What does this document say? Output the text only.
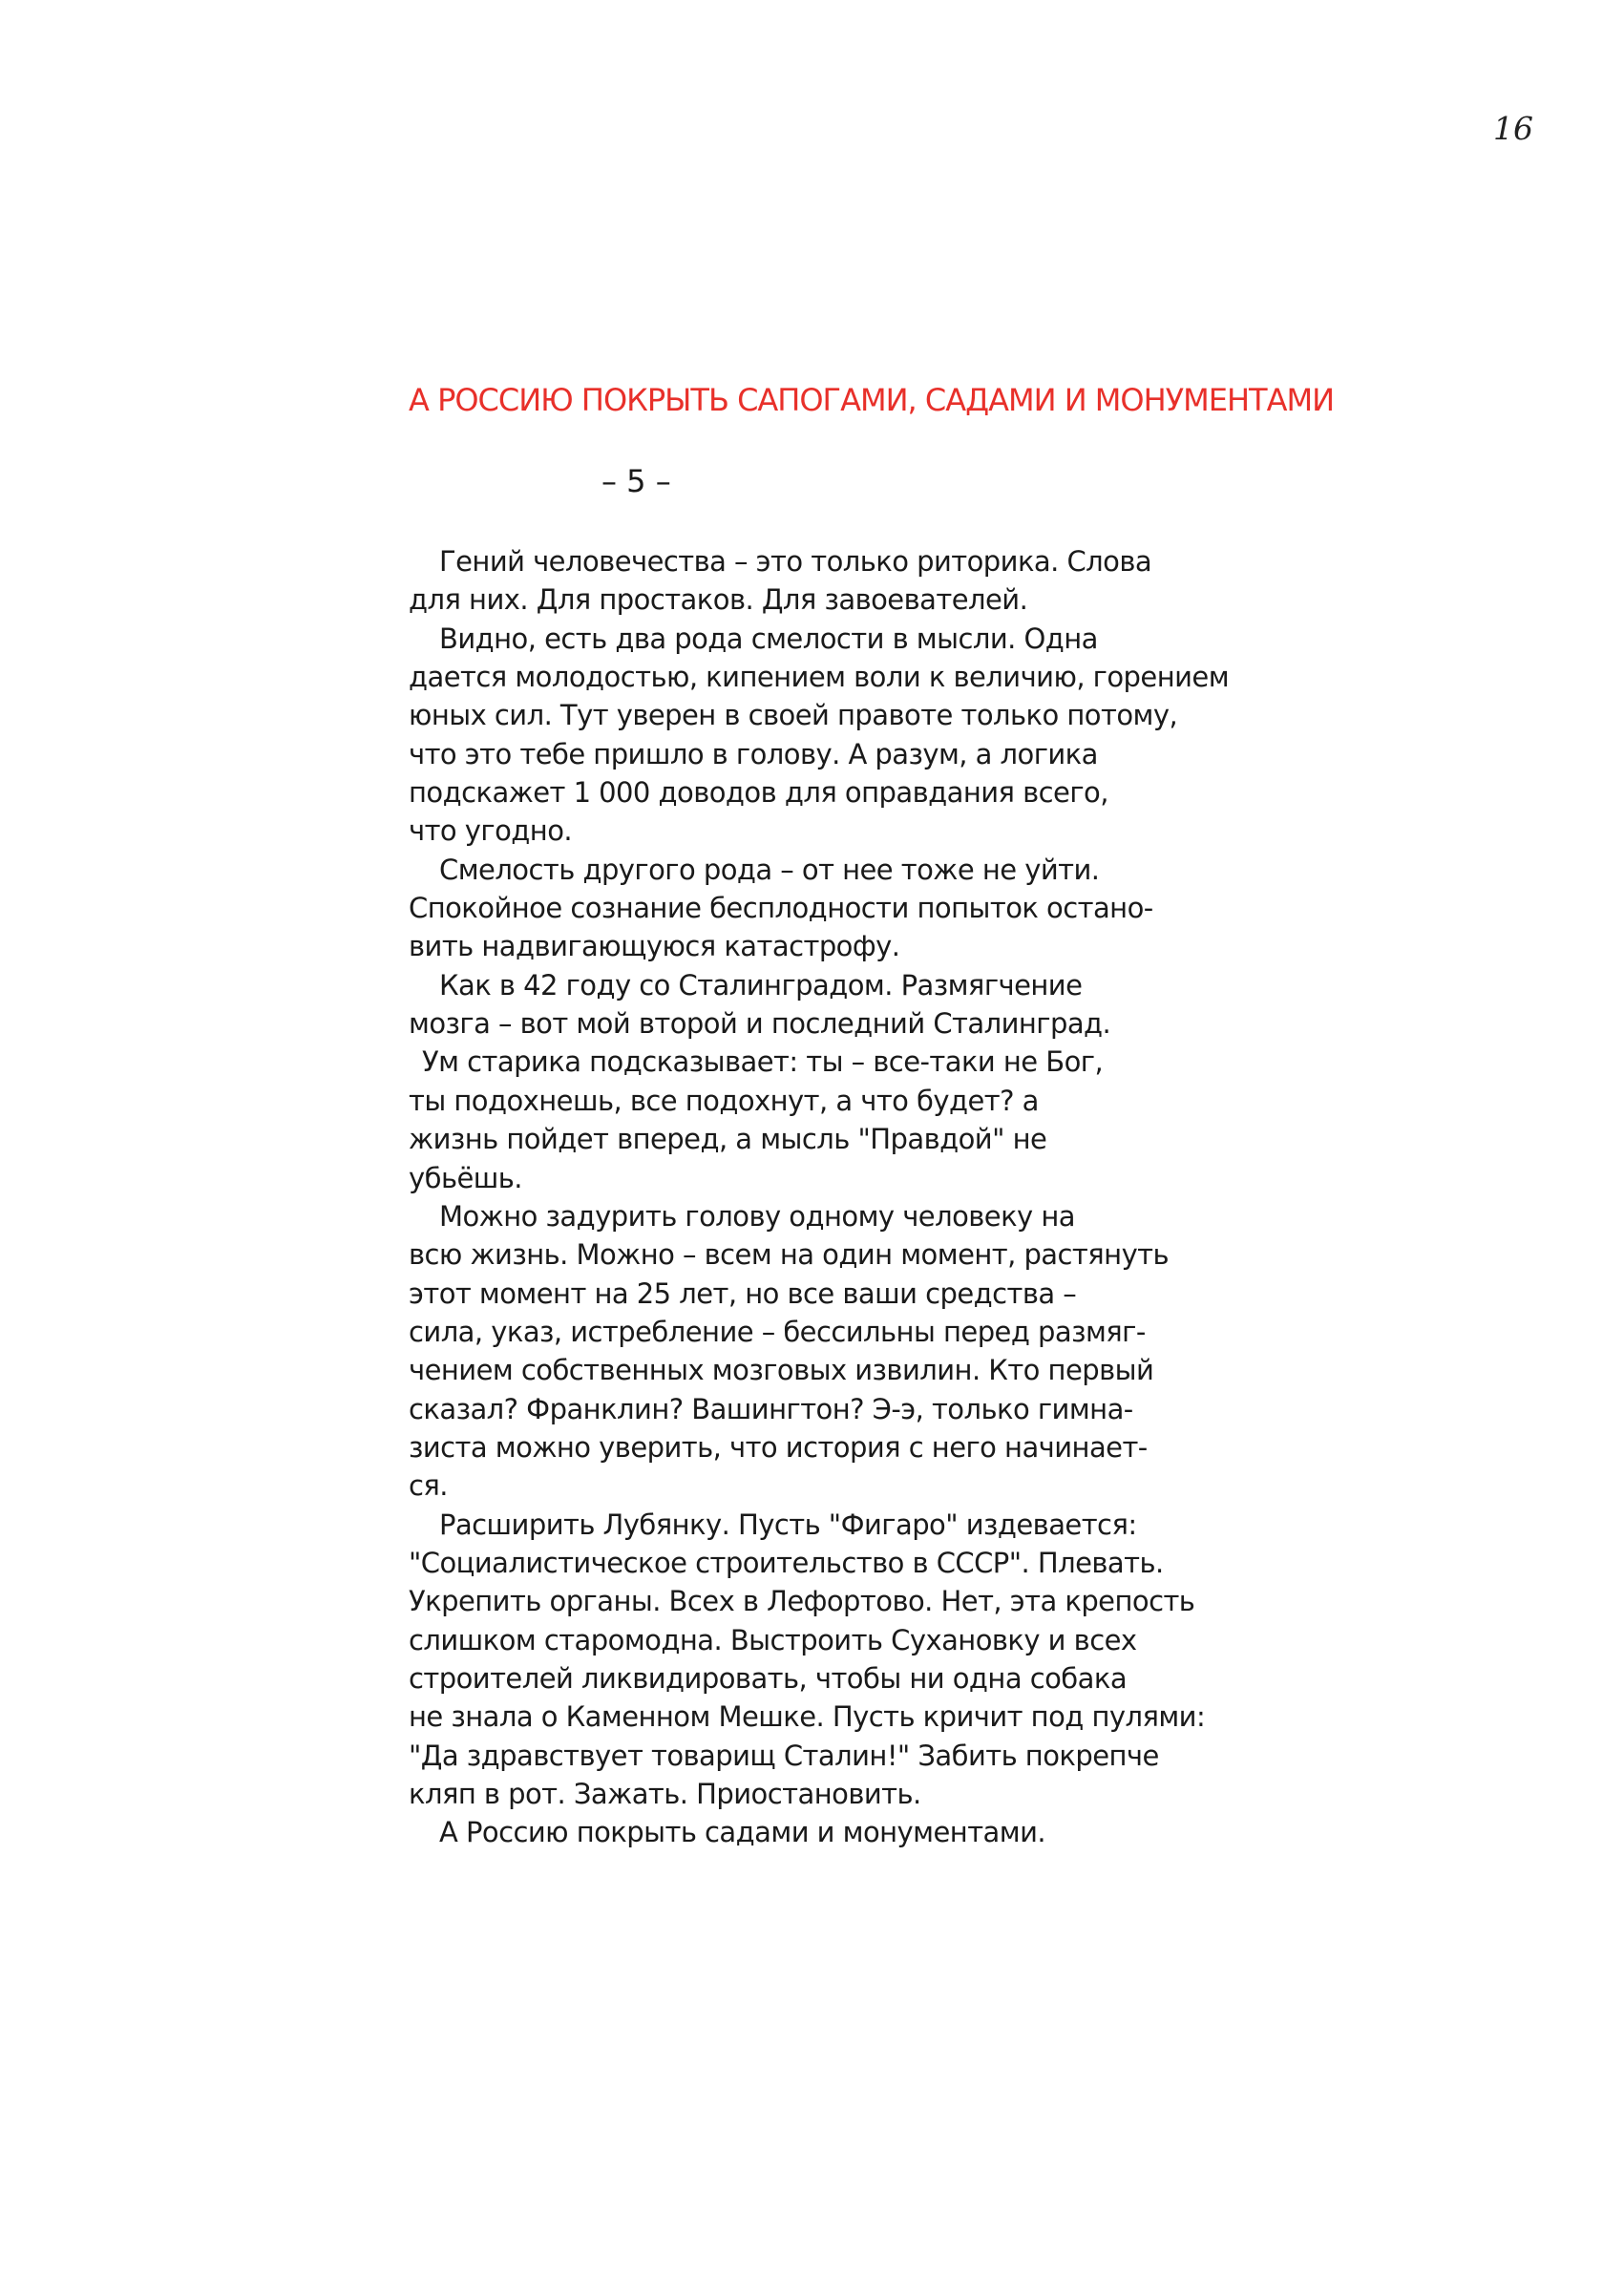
16
А РОССИЮ ПОКРЫТЬ САПОГАМИ, САДАМИ И МОНУМЕНТАМИ
– 5 –
Гений человечества – это только риторика. Слова
для них. Для простаков. Для завоевателей.
Видно, есть два рода смелости в мысли. Одна
дается молодостью, кипением воли к величию, горением
юных сил. Тут уверен в своей правоте только потому,
что это тебе пришло в голову. А разум, а логика
подскажет 1 000 доводов для оправдания всего,
что угодно.
Смелость другого рода – от нее тоже не уйти.
Спокойное сознание бесплодности попыток остано-
вить надвигающуюся катастрофу.
Как в 42 году со Сталинградом. Размягчение
мозга – вот мой второй и последний Сталинград.
Ум старика подсказывает: ты – все-таки не Бог,
ты подохнешь, все подохнут, а что будет? а
жизнь пойдет вперед, а мысль "Правдой" не
убьёшь.
Можно задурить голову одному человеку на
всю жизнь. Можно – всем на один момент, растянуть
этот момент на 25 лет, но все ваши средства –
сила, указ, истребление – бессильны перед размяг-
чением собственных мозговых извилин. Кто первый
сказал? Франклин? Вашингтон? Э-э, только гимна-
зиста можно уверить, что история с него начинает-
ся.
Расширить Лубянку. Пусть "Фигаро" издевается:
"Социалистическое строительство в СССР". Плевать.
Укрепить органы. Всех в Лефортово. Нет, эта крепость
слишком старомодна. Выстроить Сухановку и всех
строителей ликвидировать, чтобы ни одна собака
не знала о Каменном Мешке. Пусть кричит под пулями:
"Да здравствует товарищ Сталин!" Забить покрепче
кляп в рот. Зажать. Приостановить.
А Россию покрыть садами и монументами.
